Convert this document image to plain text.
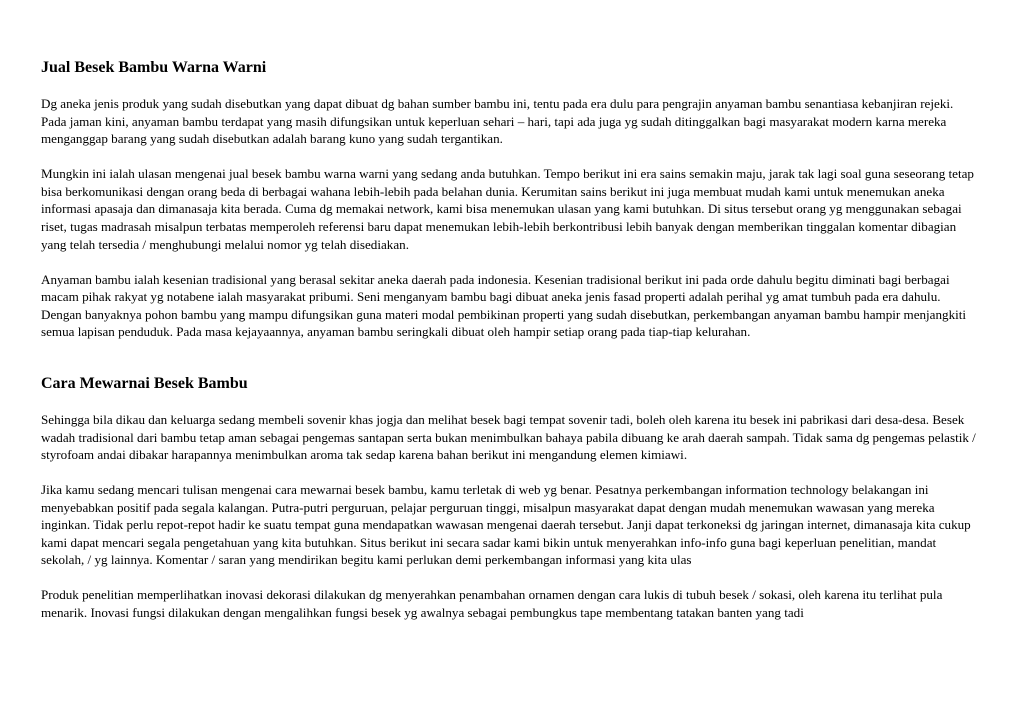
Jual Besek Bambu Warna Warni

Dg aneka jenis produk yang sudah disebutkan yang dapat dibuat dg bahan sumber bambu ini, tentu pada era dulu para pengrajin anyaman bambu senantiasa kebanjiran rejeki. Pada jaman kini, anyaman bambu terdapat yang masih difungsikan untuk keperluan sehari – hari, tapi ada juga yg sudah ditinggalkan bagi masyarakat modern karna mereka menganggap barang yang sudah disebutkan adalah barang kuno yang sudah tergantikan.

Mungkin ini ialah ulasan mengenai jual besek bambu warna warni yang sedang anda butuhkan. Tempo berikut ini era sains semakin maju, jarak tak lagi soal guna seseorang tetap bisa berkomunikasi dengan orang beda di berbagai wahana lebih-lebih pada belahan dunia. Kerumitan sains berikut ini juga membuat mudah kami untuk menemukan aneka informasi apasaja dan dimanasaja kita berada. Cuma dg memakai network, kami bisa menemukan ulasan yang kami butuhkan. Di situs tersebut orang yg menggunakan sebagai riset, tugas madrasah misalpun terbatas memperoleh referensi baru dapat menemukan lebih-lebih berkontribusi lebih banyak dengan memberikan tinggalan komentar dibagian yang telah tersedia / menghubungi melalui nomor yg telah disediakan.

Anyaman bambu ialah kesenian tradisional yang berasal sekitar aneka daerah pada indonesia. Kesenian tradisional berikut ini pada orde dahulu begitu diminati bagi berbagai macam pihak rakyat yg notabene ialah masyarakat pribumi. Seni menganyam bambu bagi dibuat aneka jenis fasad properti adalah perihal yg amat tumbuh pada era dahulu. Dengan banyaknya pohon bambu yang mampu difungsikan guna materi modal pembikinan properti yang sudah disebutkan, perkembangan anyaman bambu hampir menjangkiti semua lapisan penduduk. Pada masa kejayaannya, anyaman bambu seringkali dibuat oleh hampir setiap orang pada tiap-tiap kelurahan.

Cara Mewarnai Besek Bambu

Sehingga bila dikau dan keluarga sedang membeli sovenir khas jogja dan melihat besek bagi tempat sovenir tadi, boleh oleh karena itu besek ini pabrikasi dari desa-desa. Besek wadah tradisional dari bambu tetap aman sebagai pengemas santapan serta bukan menimbulkan bahaya pabila dibuang ke arah daerah sampah. Tidak sama dg pengemas pelastik / styrofoam andai dibakar harapannya menimbulkan aroma tak sedap karena bahan berikut ini mengandung elemen kimiawi.

Jika kamu sedang mencari tulisan mengenai cara mewarnai besek bambu, kamu terletak di web yg benar. Pesatnya perkembangan information technology belakangan ini menyebabkan positif pada segala kalangan. Putra-putri perguruan, pelajar perguruan tinggi, misalpun masyarakat dapat dengan mudah menemukan wawasan yang mereka inginkan. Tidak perlu repot-repot hadir ke suatu tempat guna mendapatkan wawasan mengenai daerah tersebut. Janji dapat terkoneksi dg jaringan internet, dimanasaja kita cukup kami dapat mencari segala pengetahuan yang kita butuhkan. Situs berikut ini secara sadar kami bikin untuk menyerahkan info-info guna bagi keperluan penelitian, mandat sekolah, / yg lainnya. Komentar / saran yang mendirikan begitu kami perlukan demi perkembangan informasi yang kita ulas

Produk penelitian memperlihatkan inovasi dekorasi dilakukan dg menyerahkan penambahan ornamen dengan cara lukis di tubuh besek / sokasi, oleh karena itu terlihat pula menarik. Inovasi fungsi dilakukan dengan mengalihkan fungsi besek yg awalnya sebagai pembungkus tape membentang tatakan banten yang tadi
